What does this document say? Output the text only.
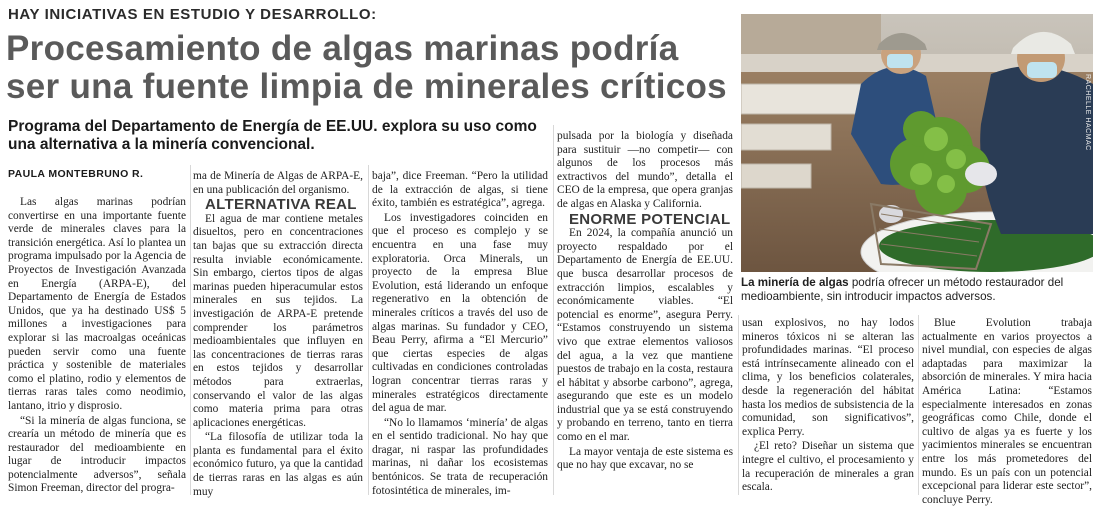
HAY INICIATIVAS EN ESTUDIO Y DESARROLLO:
Procesamiento de algas marinas podría ser una fuente limpia de minerales críticos
Programa del Departamento de Energía de EE.UU. explora su uso como una alternativa a la minería convencional.
PAULA MONTEBRUNO R.

Las algas marinas podrían convertirse en una importante fuente verde de minerales claves para la transición energética. Así lo plantea un programa impulsado por la Agencia de Proyectos de Investigación Avanzada en Energía (ARPA-E), del Departamento de Energía de Estados Unidos, que ya ha destinado US$ 5 millones a investigaciones para explorar si las macroalgas oceánicas pueden servir como una fuente práctica y sostenible de materiales como el platino, rodio y elementos de tierras raras tales como neodimio, lantano, itrio y disprosio.

“Si la minería de algas funciona, se crearía un método de minería que es restaurador del medioambiente en lugar de introducir impactos potencialmente adversos”, señala Simon Freeman, director del progra-

ma de Minería de Algas de ARPA-E, en una publicación del organismo.

ALTERNATIVA REAL

El agua de mar contiene metales disueltos, pero en concentraciones tan bajas que su extracción directa resulta inviable económicamente. Sin embargo, ciertos tipos de algas marinas pueden hiperacumular estos minerales en sus tejidos. La investigación de ARPA-E pretende comprender los parámetros medioambientales que influyen en las concentraciones de tierras raras en estos tejidos y desarrollar métodos para extraerlas, conservando el valor de las algas como materia prima para otras aplicaciones energéticas.

“La filosofía de utilizar toda la planta es fundamental para el éxito económico futuro, ya que la cantidad de tierras raras en las algas es aún muy

baja”, dice Freeman. “Pero la utilidad de la extracción de algas, si tiene éxito, también es estratégica”, agrega.

Los investigadores coinciden en que el proceso es complejo y se encuentra en una fase muy exploratoria. Orca Minerals, un proyecto de la empresa Blue Evolution, está liderando un enfoque regenerativo en la obtención de minerales críticos a través del uso de algas marinas. Su fundador y CEO, Beau Perry, afirma a “El Mercurio” que ciertas especies de algas cultivadas en condiciones controladas logran concentrar tierras raras y minerales estratégicos directamente del agua de mar.

“No lo llamamos ‘minería’ de algas en el sentido tradicional. No hay que dragar, ni raspar las profundidades marinas, ni dañar los ecosistemas bentónicos. Se trata de recuperación fotosintética de minerales, im-

pulsada por la biología y diseñada para sustituir —no competir— con algunos de los procesos más extractivos del mundo”, detalla el CEO de la empresa, que opera granjas de algas en Alaska y California.

ENORME POTENCIAL

En 2024, la compañía anunció un proyecto respaldado por el Departamento de Energía de EE.UU. que busca desarrollar procesos de extracción limpios, escalables y económicamente viables. “El potencial es enorme”, asegura Perry. “Estamos construyendo un sistema vivo que extrae elementos valiosos del agua, a la vez que mantiene puestos de trabajo en la costa, restaura el hábitat y absorbe carbono”, agrega, asegurando que este es un modelo industrial que ya se está construyendo y probando en terreno, tanto en tierra como en el mar.

La mayor ventaja de este sistema es que no hay que excavar, no se

usan explosivos, no hay lodos mineros tóxicos ni se alteran las profundidades marinas. “El proceso está intrínsecamente alineado con el clima, y los beneficios colaterales, desde la regeneración del hábitat hasta los medios de subsistencia de la comunidad, son significativos”, explica Perry.

¿El reto? Diseñar un sistema que integre el cultivo, el procesamiento y la recuperación de minerales a gran escala.

Blue Evolution trabaja actualmente en varios proyectos a nivel mundial, con especies de algas adaptadas para maximizar la absorción de minerales. Y mira hacia América Latina: “Estamos especialmente interesados en zonas geográficas como Chile, donde el cultivo de algas ya es fuerte y los yacimientos minerales se encuentran entre los más prometedores del mundo. Es un país con un potencial excepcional para liderar este sector”, concluye Perry.

RACHELLE HACMAC
La minería de algas podría ofrecer un método restaurador del medioambiente, sin introducir impactos adversos.
